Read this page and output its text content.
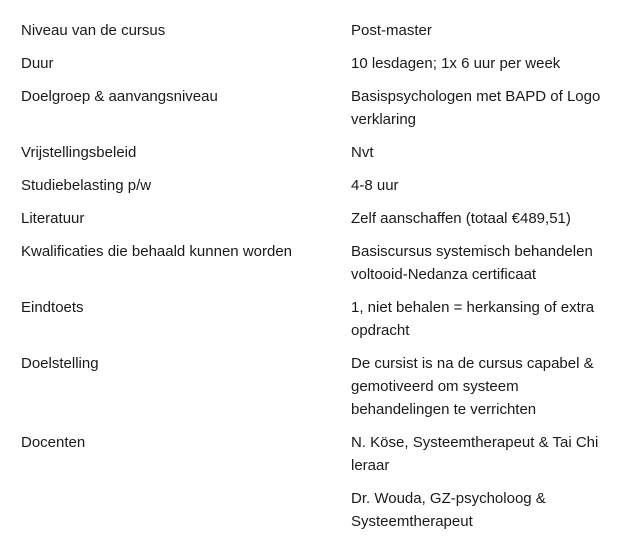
Niveau van de cursus	Post-master
Duur	10 lesdagen; 1x 6 uur per week
Doelgroep & aanvangsniveau	Basispsychologen met BAPD of Logo verklaring
Vrijstellingsbeleid	Nvt
Studiebelasting p/w	4-8 uur
Literatuur	Zelf aanschaffen (totaal €489,51)
Kwalificaties die behaald kunnen worden	Basiscursus systemisch behandelen voltooid-Nedanza certificaat
Eindtoets	1, niet behalen = herkansing of extra opdracht
Doelstelling	De cursist is na de cursus capabel & gemotiveerd om systeem behandelingen te verrichten
Docenten	N. Köse, Systeemtherapeut & Tai Chi leraar
Dr. Wouda, GZ-psycholoog & Systeemtherapeut
